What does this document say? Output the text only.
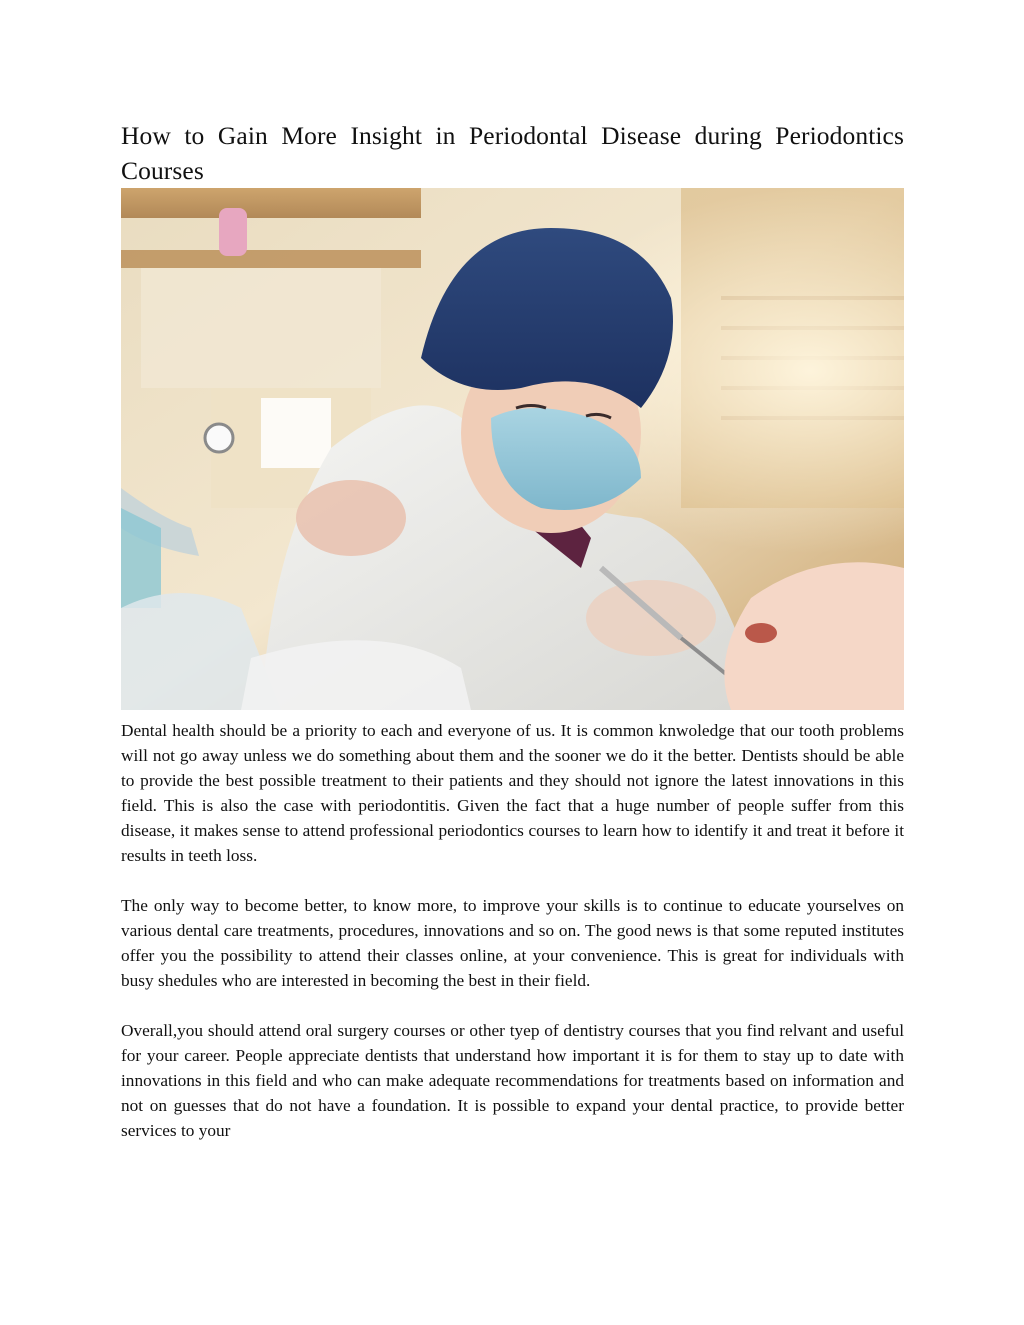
How to Gain More Insight in Periodontal Disease during Periodontics Courses

Dental health should be a priority to each and everyone of us. It is common knwoledge that our tooth problems will not go away unless we do something about them and the sooner we do it the better. Dentists should be able to provide the best possible treatment to their patients and they should not ignore the latest innovations in this field. This is also the case with periodontitis. Given the fact that a huge number of people suffer from this disease, it makes sense to attend professional periodontics courses to learn how to identify it and treat it before it results in teeth loss.

The only way to become better, to know more, to improve your skills is to continue to educate yourselves on various dental care treatments, procedures, innovations and so on. The good news is that some reputed institutes offer you the possibility to attend their classes online, at your convenience. This is great for individuals with busy shedules who are interested in becoming the best in their field.

Overall,you should attend oral surgery courses or other tyep of dentistry courses that you find relvant and useful for your career. People appreciate dentists that understand how important it is for them to stay up to date with innovations in this field and who can make adequate recommendations for treatments based on information and not on guesses that do not have a foundation. It is possible to expand your dental practice, to provide better services to your
